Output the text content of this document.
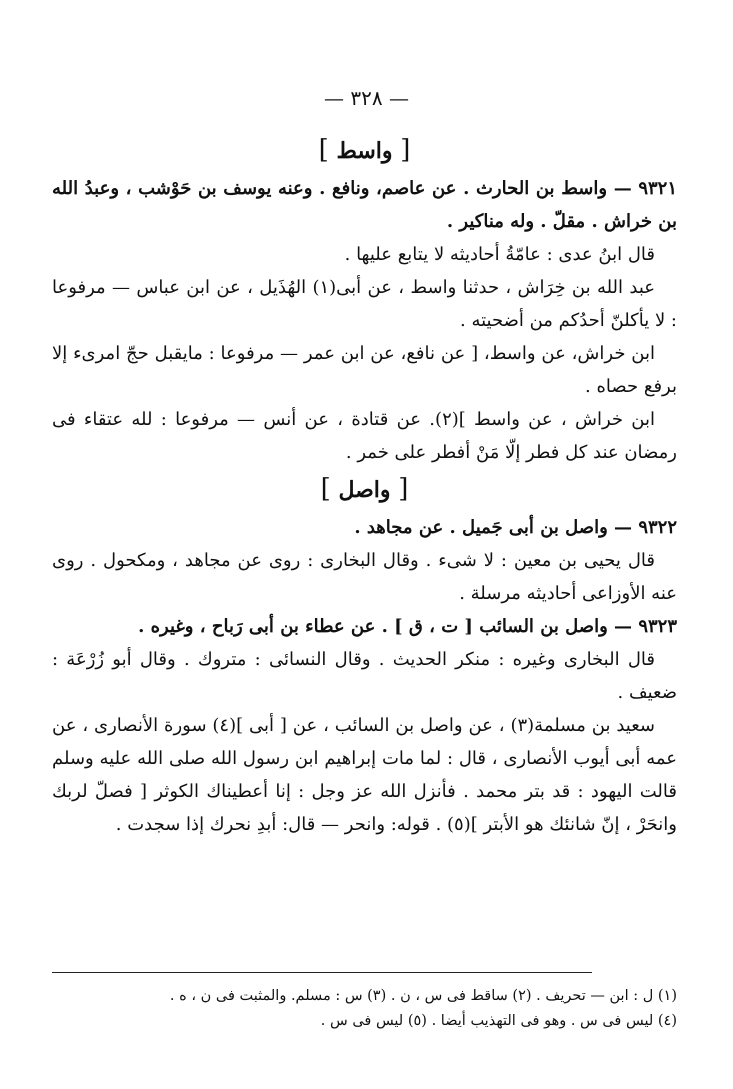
— ٣٢٨ —
[ واسط ]

٩٣٢١ — واسط بن الحارث . عن عاصم، ونافع . وعنه يوسف بن حَوْشب ، وعبدُ الله بن خراش . مقلّ . وله مناكير .

قال ابنُ عدى : عامّةُ أحاديثه لا يتابع عليها .

عبد الله بن خِرَاش ، حدثنا واسط ، عن أبى(١) الهُذَيل ، عن ابن عباس — مرفوعا : لا يأكلنّ أحدُكم من أضحيته .

ابن خراش، عن واسط، [ عن نافع، عن ابن عمر — مرفوعا : مايقبل حجّ امرىء إلا برفع حصاه .

ابن خراش ، عن واسط ](٢). عن قتادة ، عن أنس — مرفوعا : لله عتقاء فى رمضان عند كل فطر إلّا مَنْ أفطر على خمر .

[ واصل ]

٩٣٢٢ — واصل بن أبى جَميل . عن مجاهد .

قال يحيى بن معين : لا شىء . وقال البخارى : روى عن مجاهد ، ومكحول . روى عنه الأوزاعى أحاديثه مرسلة .

٩٣٢٣ — واصل بن السائب [ ت ، ق ] . عن عطاء بن أبى رَباح ، وغيره .

قال البخارى وغيره : منكر الحديث . وقال النسائى : متروك . وقال أبو زُرْعَة : ضعيف .

سعيد بن مسلمة(٣) ، عن واصل بن السائب ، عن [ أبى ](٤) سورة الأنصارى ، عن عمه أبى أيوب الأنصارى ، قال : لما مات إبراهيم ابن رسول الله صلى الله عليه وسلم قالت اليهود : قد بتر محمد . فأنزل الله عز وجل : إنا أعطيناك الكوثر [ فصلّ لربك وانحَرْ ، إنّ شانئك هو الأبتر ](٥) . قوله: وانحر — قال: أبدِ نحرك إذا سجدت .

(١) ل : ابن — تحريف . (٢) ساقط فى س ، ن . (٣) س : مسلم. والمثبت فى ن ، ه .
(٤) ليس فى س . وهو فى التهذيب أيضا . (٥) ليس فى س .
